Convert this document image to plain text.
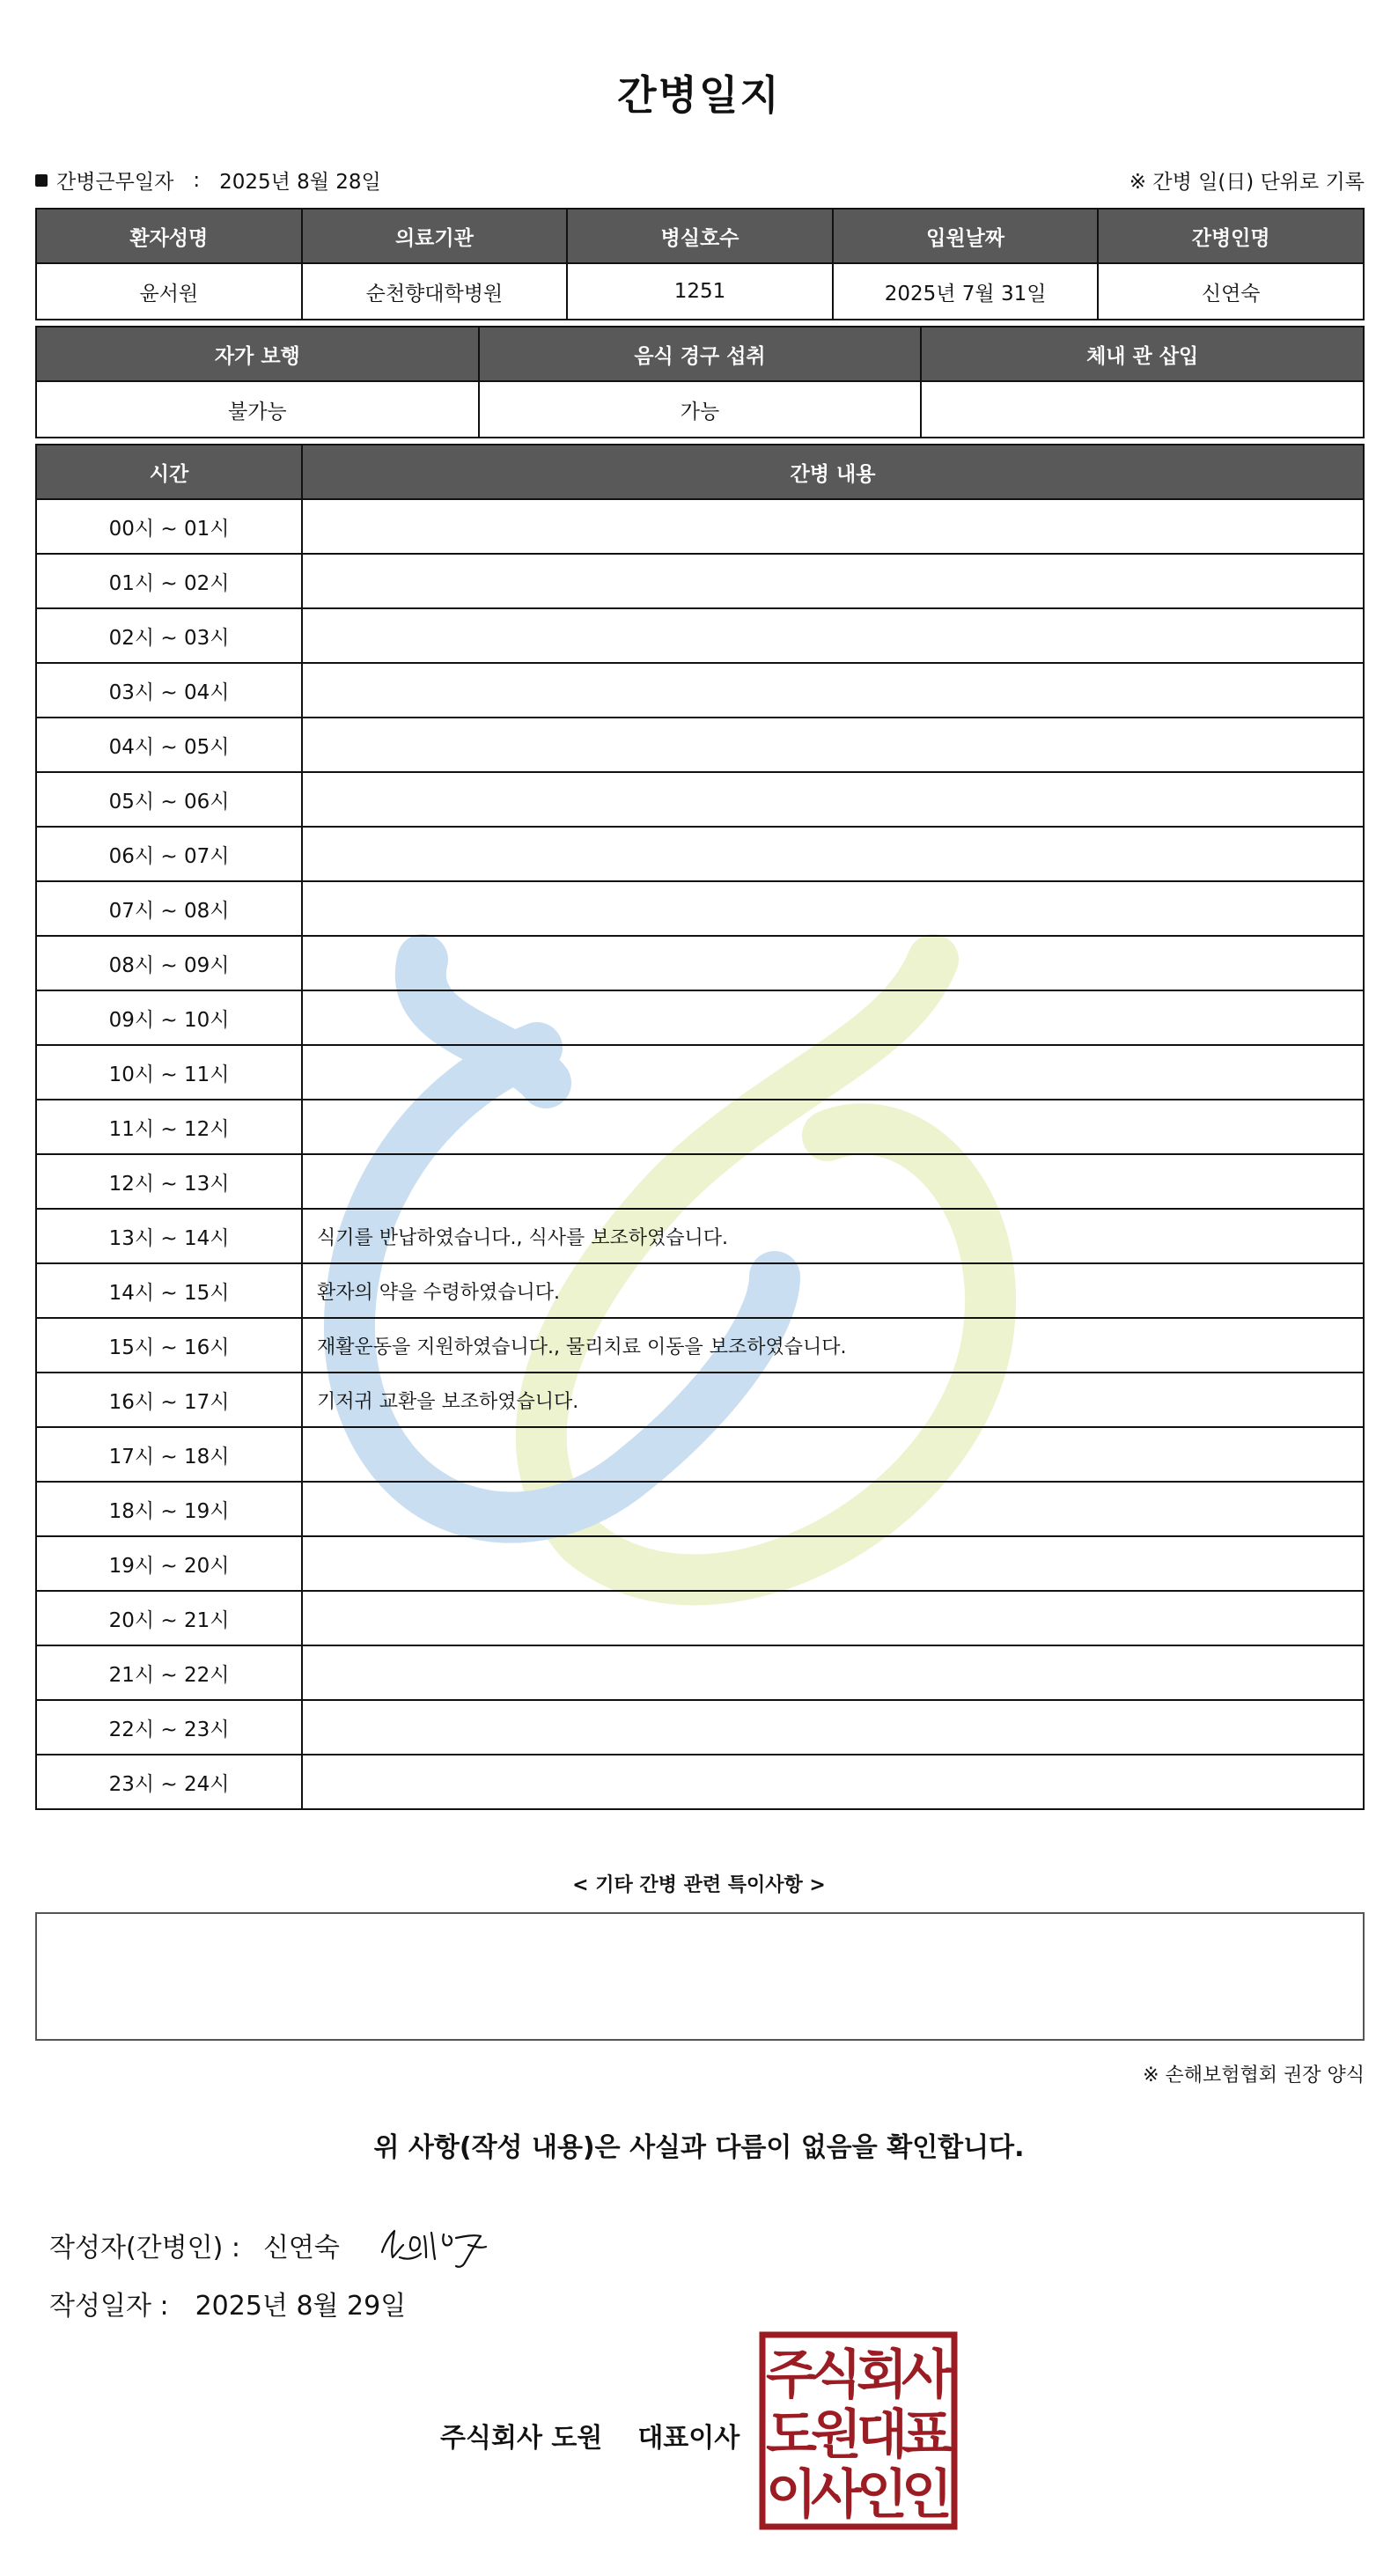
간병일지
간병근무일자 : 2025년 8월 28일	※ 간병 일(日) 단위로 기록
환자성명	의료기관	병실호수	입원날짜	간병인명
윤서원	순천향대학병원	1251	2025년 7월 31일	신연숙
자가 보행	음식 경구 섭취	체내 관 삽입
불가능	가능	
시간	간병 내용
00시 ~ 01시	
01시 ~ 02시	
02시 ~ 03시	
03시 ~ 04시	
04시 ~ 05시	
05시 ~ 06시	
06시 ~ 07시	
07시 ~ 08시	
08시 ~ 09시	
09시 ~ 10시	
10시 ~ 11시	
11시 ~ 12시	
12시 ~ 13시	
13시 ~ 14시	식기를 반납하였습니다., 식사를 보조하였습니다.
14시 ~ 15시	환자의 약을 수령하였습니다.
15시 ~ 16시	재활운동을 지원하였습니다., 물리치료 이동을 보조하였습니다.
16시 ~ 17시	기저귀 교환을 보조하였습니다.
17시 ~ 18시	
18시 ~ 19시	
19시 ~ 20시	
20시 ~ 21시	
21시 ~ 22시	
22시 ~ 23시	
23시 ~ 24시	
< 기타 간병 관련 특이사항 >
※ 손해보험협회 권장 양식
위 사항(작성 내용)은 사실과 다름이 없음을 확인합니다.
작성자(간병인) : 신연숙
작성일자 : 2025년 8월 29일
주식회사 도원 대표이사
주
식
회
사
도
원
대
표
이
사
인
인
